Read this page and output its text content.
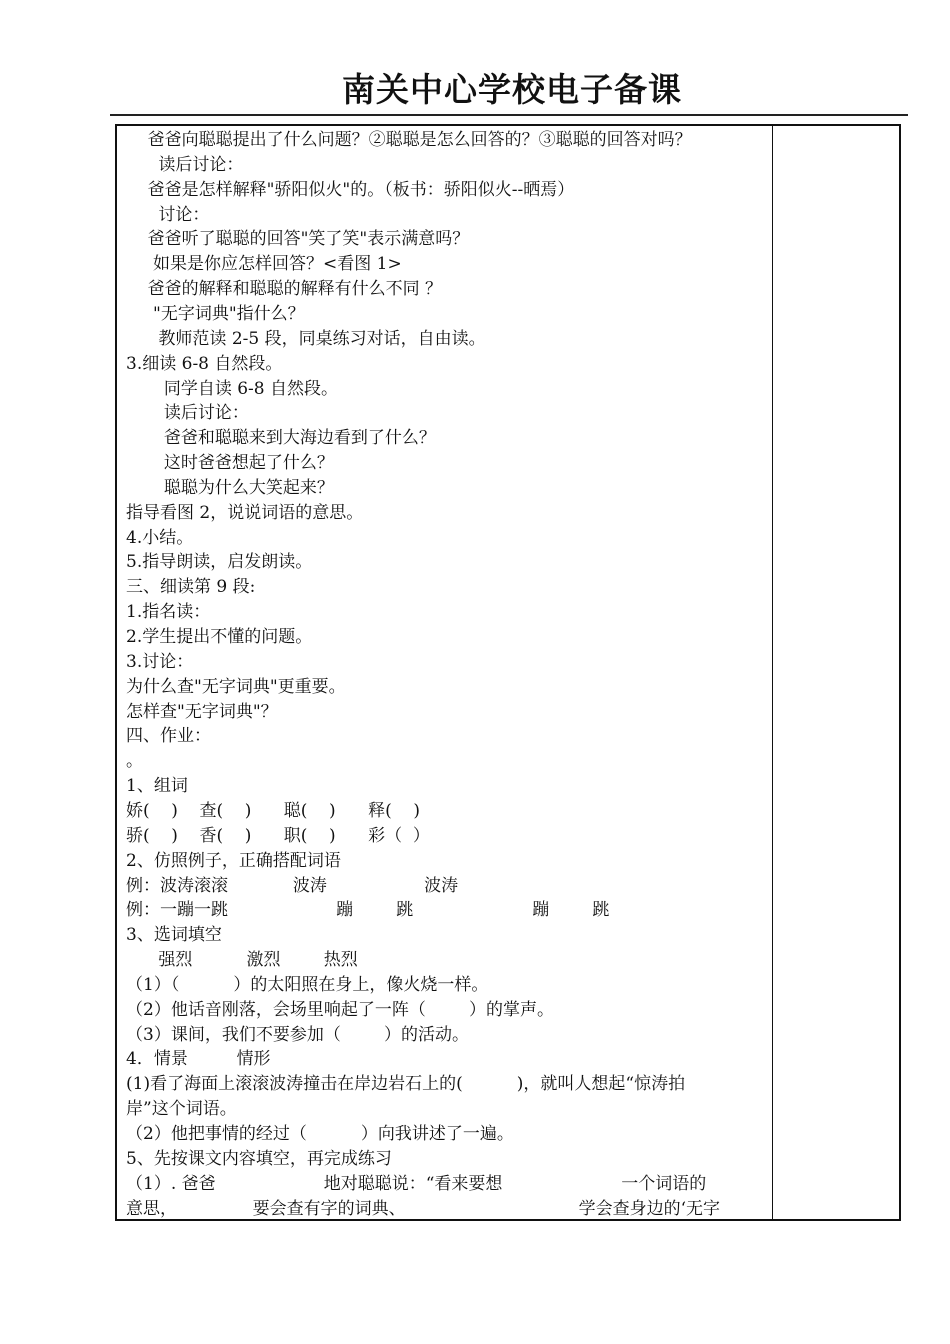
南关中心学校电子备课
爸爸向聪聪提出了什么问题？②聪聪是怎么回答的？③聪聪的回答对吗？
读后讨论：
爸爸是怎样解释"骄阳似火"的。（板书：骄阳似火--晒焉）
讨论：
爸爸听了聪聪的回答"笑了笑"表示满意吗？
如果是你应怎样回答？<看图 1>
爸爸的解释和聪聪的解释有什么不同 ？
"无字词典"指什么？
教师范读 2-5 段，同桌练习对话，自由读。
3.细读 6-8 自然段。
同学自读 6-8 自然段。
读后讨论：
爸爸和聪聪来到大海边看到了什么？
这时爸爸想起了什么？
聪聪为什么大笑起来？
指导看图 2，说说词语的意思。
4.小结。
5.指导朗读，启发朗读。
三、细读第 9 段:
1.指名读：
2.学生提出不懂的问题。
3.讨论：
为什么查"无字词典"更重要。
怎样查"无字词典"？
四、作业：
。
1、组词
娇(    )    查(    )      聪(    )      释(    )
骄(    )    香(    )      职(    )      彩（  ）
2、仿照例子，正确搭配词语
例：波涛滚滚            波涛                  波涛
例：一蹦一跳                    蹦        跳                      蹦        跳
3、选词填空
强烈          激烈        热烈
（1）（          ）的太阳照在身上，像火烧一样。
（2）他话音刚落，会场里响起了一阵（        ）的掌声。
（3）课间，我们不要参加（        ）的活动。
4．情景         情形
(1)看了海面上滚滚波涛撞击在岸边岩石上的(          )，就叫人想起“惊涛拍
岸”这个词语。
（2）他把事情的经过（          ）向我讲述了一遍。
5、先按课文内容填空，再完成练习
（1）. 爸爸                    地对聪聪说：“看来要想                      一个词语的
意思，              要会查有字的词典、                                学会查身边的‘无字
